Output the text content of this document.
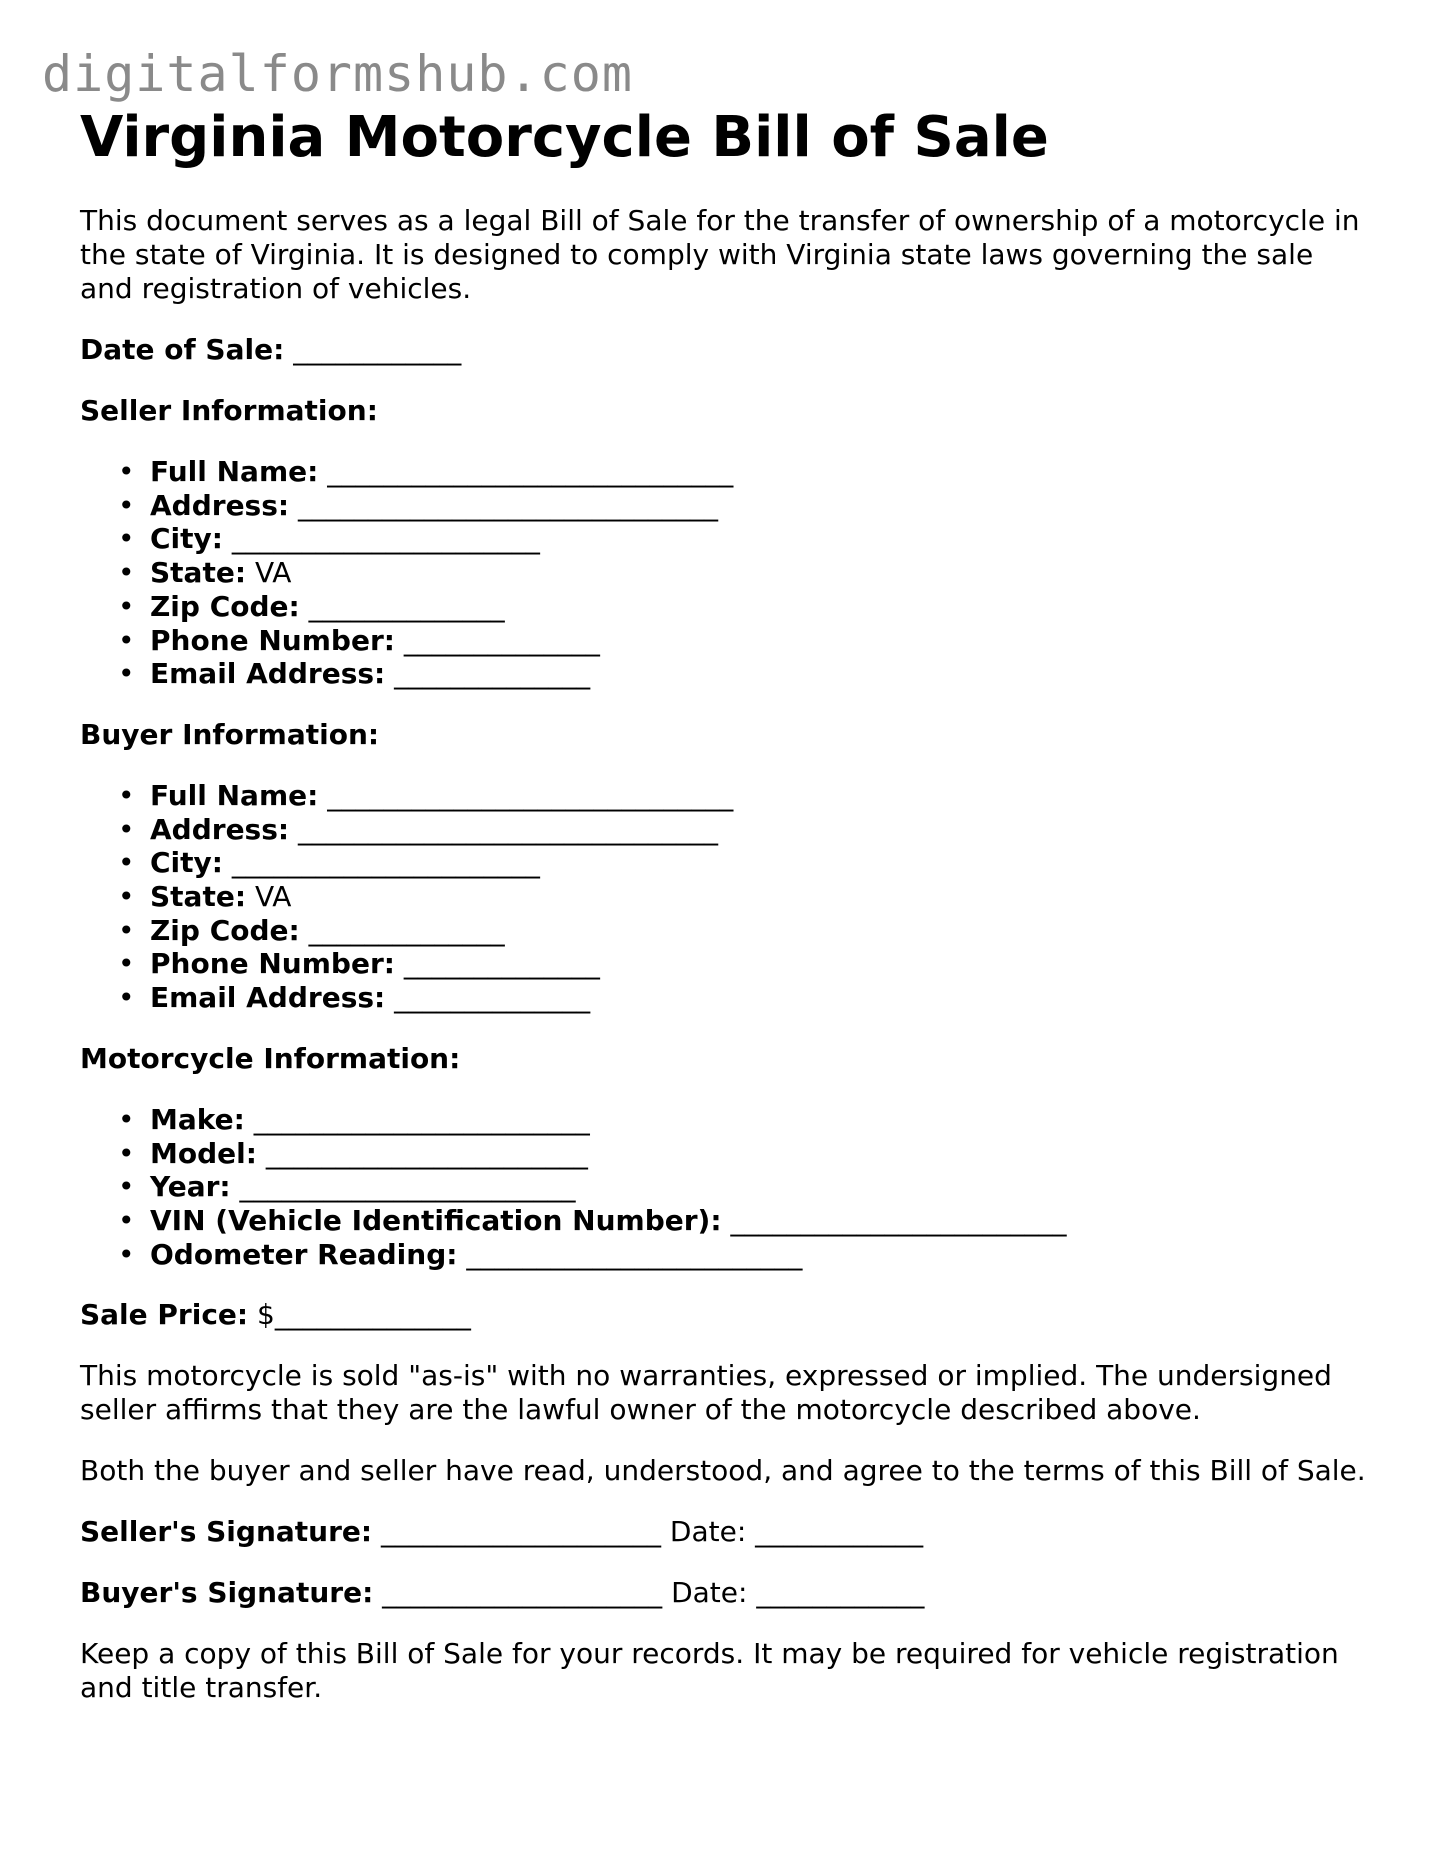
digitalformshub.com
Virginia Motorcycle Bill of Sale

This document serves as a legal Bill of Sale for the transfer of ownership of a motorcycle in the state of Virginia. It is designed to comply with Virginia state laws governing the sale and registration of vehicles.

Date of Sale: ____________

Seller Information:

• Full Name: _____________________________
• Address: ______________________________
• City: ______________________
• State: VA
• Zip Code: ______________
• Phone Number: ______________
• Email Address: ______________

Buyer Information:

• Full Name: _____________________________
• Address: ______________________________
• City: ______________________
• State: VA
• Zip Code: ______________
• Phone Number: ______________
• Email Address: ______________

Motorcycle Information:

• Make: ________________________
• Model: _______________________
• Year: ________________________
• VIN (Vehicle Identification Number): ________________________
• Odometer Reading: ________________________

Sale Price: $______________

This motorcycle is sold "as-is" with no warranties, expressed or implied. The undersigned seller affirms that they are the lawful owner of the motorcycle described above.

Both the buyer and seller have read, understood, and agree to the terms of this Bill of Sale.

Seller's Signature: ____________________ Date: ____________

Buyer's Signature: ____________________ Date: ____________

Keep a copy of this Bill of Sale for your records. It may be required for vehicle registration and title transfer.
